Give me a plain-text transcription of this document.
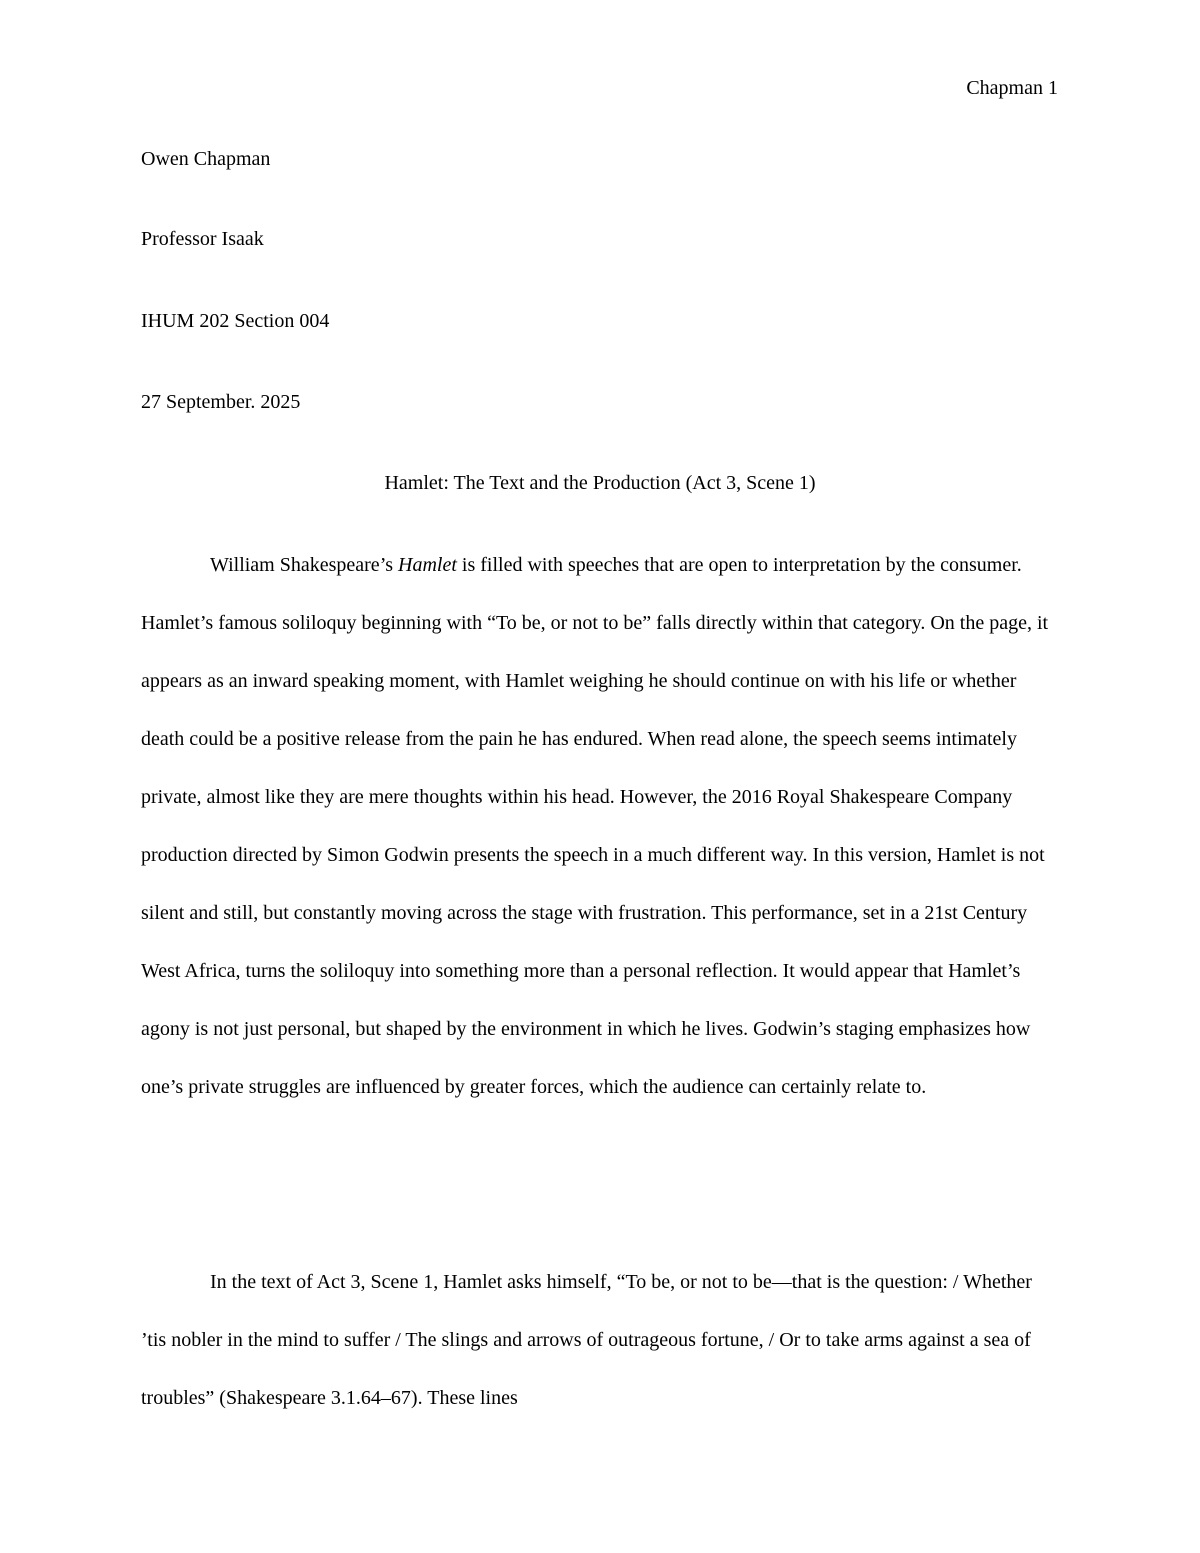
Chapman 1
Owen Chapman
Professor Isaak
IHUM 202 Section 004
27 September. 2025
Hamlet: The Text and the Production (Act 3, Scene 1)

William Shakespeare’s Hamlet is filled with speeches that are open to interpretation by the consumer. Hamlet’s famous soliloquy beginning with “To be, or not to be” falls directly within that category. On the page, it appears as an inward speaking moment, with Hamlet weighing he should continue on with his life or whether death could be a positive release from the pain he has endured. When read alone, the speech seems intimately private, almost like they are mere thoughts within his head. However, the 2016 Royal Shakespeare Company production directed by Simon Godwin presents the speech in a much different way. In this version, Hamlet is not silent and still, but constantly moving across the stage with frustration. This performance, set in a 21st Century West Africa, turns the soliloquy into something more than a personal reflection. It would appear that Hamlet’s agony is not just personal, but shaped by the environment in which he lives. Godwin’s staging emphasizes how one’s private struggles are influenced by greater forces, which the audience can certainly relate to.

In the text of Act 3, Scene 1, Hamlet asks himself, “To be, or not to be—that is the question: / Whether ’tis nobler in the mind to suffer / The slings and arrows of outrageous fortune, / Or to take arms against a sea of troubles” (Shakespeare 3.1.64–67). These lines
